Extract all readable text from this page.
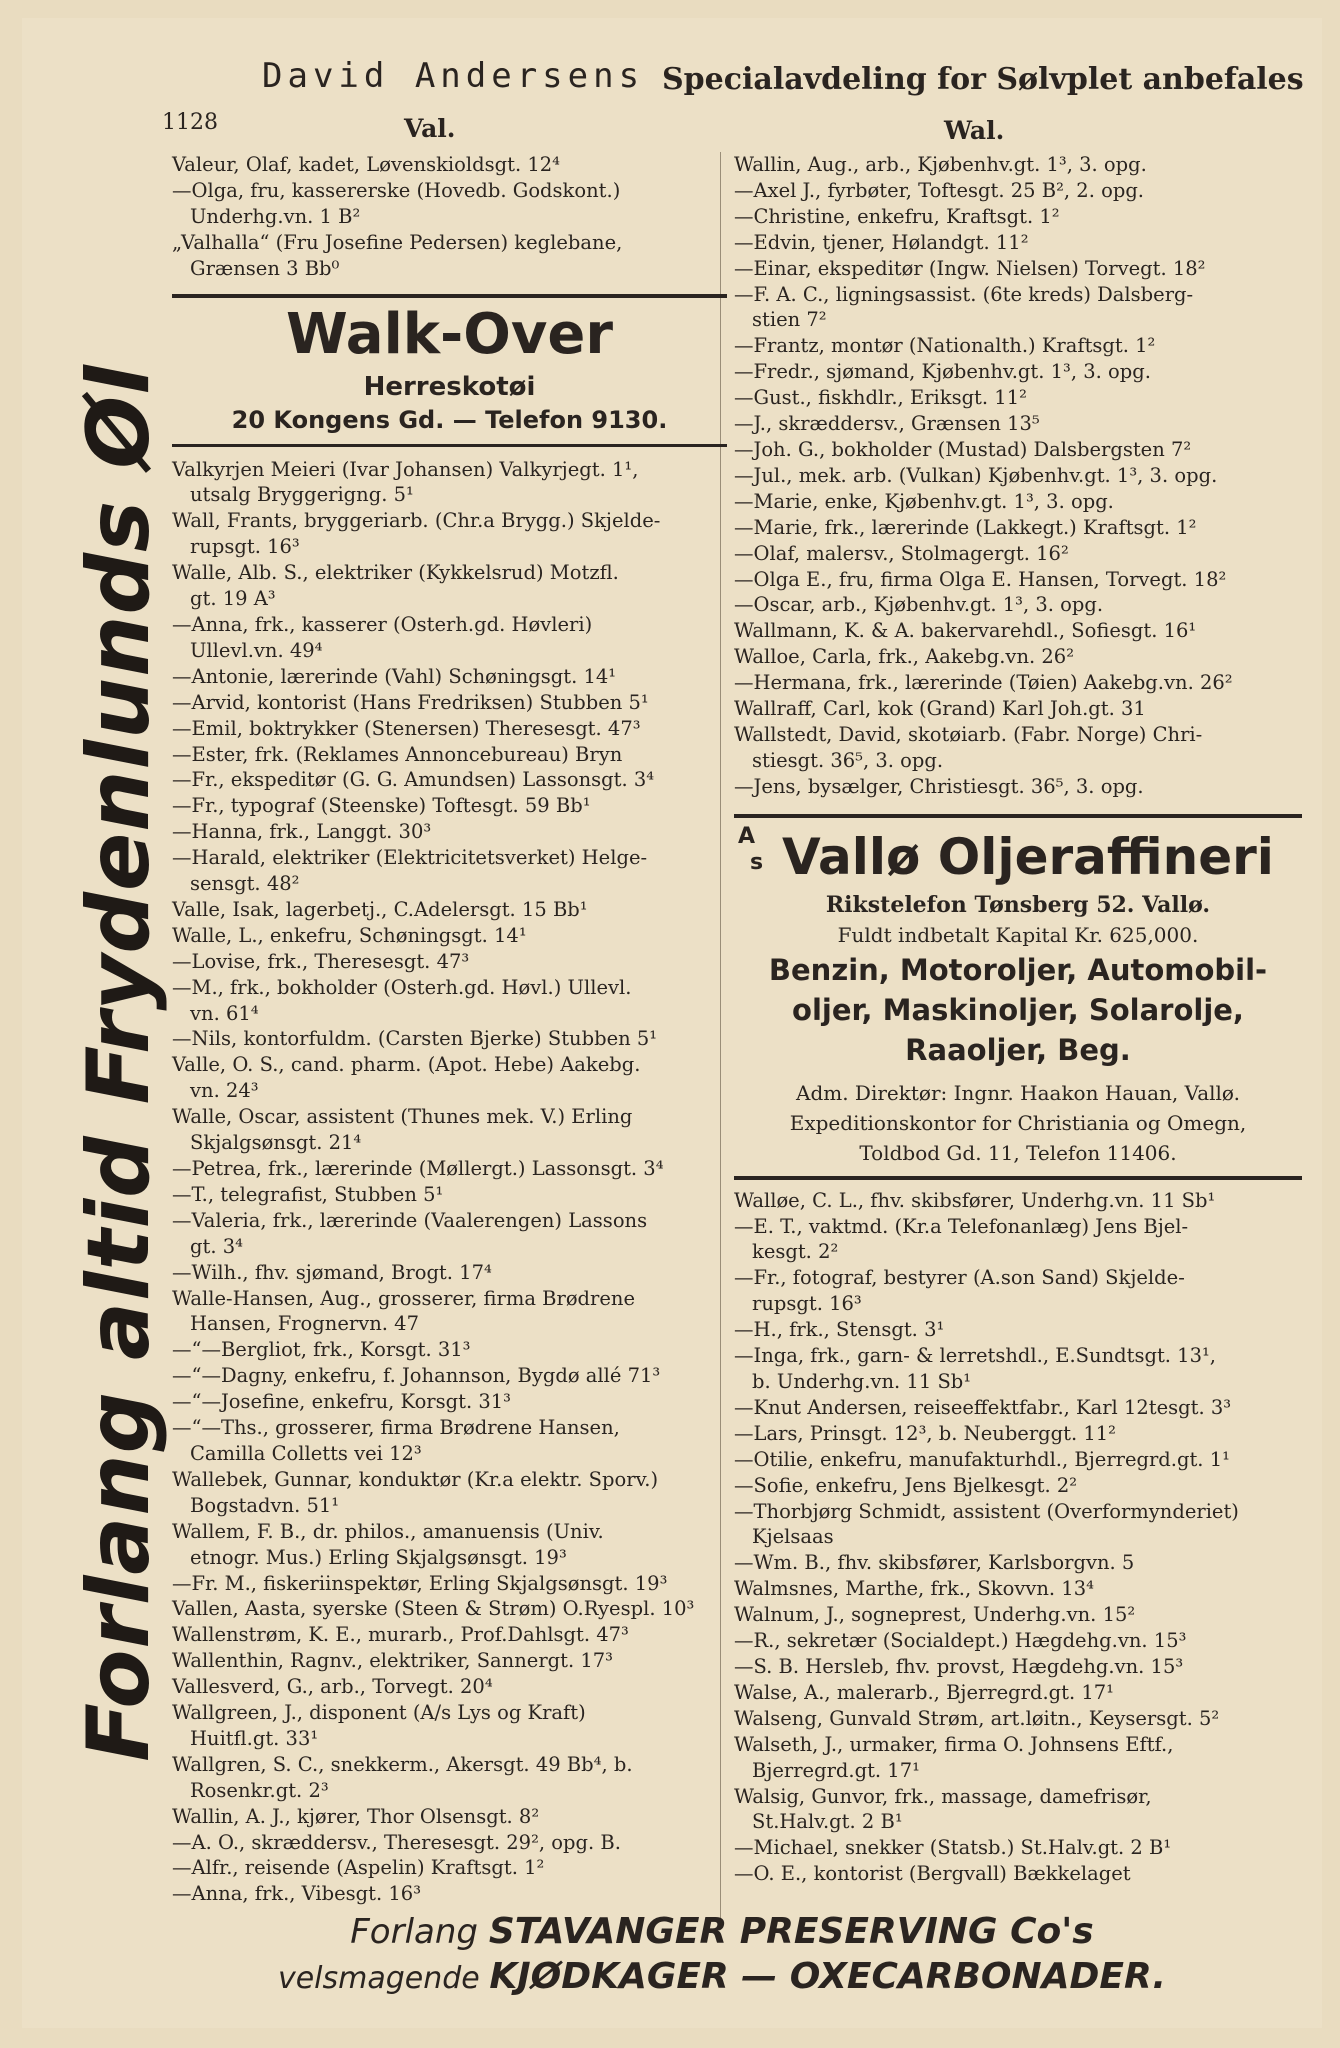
David Andersens Specialavdeling for Sølvplet anbefales
1128	Val.	Wal.
Forlang altid Frydenlunds Øl
Valeur, Olaf, kadet, Løvenskioldsgt. 12⁴
—Olga, fru, kassererske (Hovedb. Godskont.)
Underhg.vn. 1 B²
„Valhalla“ (Fru Josefine Pedersen) keglebane,
Grænsen 3 Bb⁰
Walk-Over
Herreskotøi
20 Kongens Gd. — Telefon 9130.
Valkyrjen Meieri (Ivar Johansen) Valkyrjegt. 1¹,
utsalg Bryggerigng. 5¹
Wall, Frants, bryggeriarb. (Chr.a Brygg.) Skjelde-
rupsgt. 16³
Walle, Alb. S., elektriker (Kykkelsrud) Motzfl.
gt. 19 A³
—Anna, frk., kasserer (Osterh.gd. Høvleri)
Ullevl.vn. 49⁴
—Antonie, lærerinde (Vahl) Schøningsgt. 14¹
—Arvid, kontorist (Hans Fredriksen) Stubben 5¹
—Emil, boktrykker (Stenersen) Theresesgt. 47³
—Ester, frk. (Reklames Annoncebureau) Bryn
—Fr., ekspeditør (G. G. Amundsen) Lassonsgt. 3⁴
—Fr., typograf (Steenske) Toftesgt. 59 Bb¹
—Hanna, frk., Langgt. 30³
—Harald, elektriker (Elektricitetsverket) Helge-
sensgt. 48²
Valle, Isak, lagerbetj., C.Adelersgt. 15 Bb¹
Walle, L., enkefru, Schøningsgt. 14¹
—Lovise, frk., Theresesgt. 47³
—M., frk., bokholder (Osterh.gd. Høvl.) Ullevl.
vn. 61⁴
—Nils, kontorfuldm. (Carsten Bjerke) Stubben 5¹
Valle, O. S., cand. pharm. (Apot. Hebe) Aakebg.
vn. 24³
Walle, Oscar, assistent (Thunes mek. V.) Erling
Skjalgsønsgt. 21⁴
—Petrea, frk., lærerinde (Møllergt.) Lassonsgt. 3⁴
—T., telegrafist, Stubben 5¹
—Valeria, frk., lærerinde (Vaalerengen) Lassons
gt. 3⁴
—Wilh., fhv. sjømand, Brogt. 17⁴
Walle-Hansen, Aug., grosserer, firma Brødrene
Hansen, Frognervn. 47
—“—Bergliot, frk., Korsgt. 31³
—“—Dagny, enkefru, f. Johannson, Bygdø allé 71³
—“—Josefine, enkefru, Korsgt. 31³
—“—Ths., grosserer, firma Brødrene Hansen,
Camilla Colletts vei 12³
Wallebek, Gunnar, konduktør (Kr.a elektr. Sporv.)
Bogstadvn. 51¹
Wallem, F. B., dr. philos., amanuensis (Univ.
etnogr. Mus.) Erling Skjalgsønsgt. 19³
—Fr. M., fiskeriinspektør, Erling Skjalgsønsgt. 19³
Vallen, Aasta, syerske (Steen & Strøm) O.Ryespl. 10³
Wallenstrøm, K. E., murarb., Prof.Dahlsgt. 47³
Wallenthin, Ragnv., elektriker, Sannergt. 17³
Vallesverd, G., arb., Torvegt. 20⁴
Wallgreen, J., disponent (A/s Lys og Kraft)
Huitfl.gt. 33¹
Wallgren, S. C., snekkerm., Akersgt. 49 Bb⁴, b.
Rosenkr.gt. 2³
Wallin, A. J., kjører, Thor Olsensgt. 8²
—A. O., skræddersv., Theresesgt. 29², opg. B.
—Alfr., reisende (Aspelin) Kraftsgt. 1²
—Anna, frk., Vibesgt. 16³
Wallin, Aug., arb., Kjøbenhv.gt. 1³, 3. opg.
—Axel J., fyrbøter, Toftesgt. 25 B², 2. opg.
—Christine, enkefru, Kraftsgt. 1²
—Edvin, tjener, Hølandgt. 11²
—Einar, ekspeditør (Ingw. Nielsen) Torvegt. 18²
—F. A. C., ligningsassist. (6te kreds) Dalsberg-
stien 7²
—Frantz, montør (Nationalth.) Kraftsgt. 1²
—Fredr., sjømand, Kjøbenhv.gt. 1³, 3. opg.
—Gust., fiskhdlr., Eriksgt. 11²
—J., skræddersv., Grænsen 13⁵
—Joh. G., bokholder (Mustad) Dalsbergsten 7²
—Jul., mek. arb. (Vulkan) Kjøbenhv.gt. 1³, 3. opg.
—Marie, enke, Kjøbenhv.gt. 1³, 3. opg.
—Marie, frk., lærerinde (Lakkegt.) Kraftsgt. 1²
—Olaf, malersv., Stolmagergt. 16²
—Olga E., fru, firma Olga E. Hansen, Torvegt. 18²
—Oscar, arb., Kjøbenhv.gt. 1³, 3. opg.
Wallmann, K. & A. bakervarehdl., Sofiesgt. 16¹
Walloe, Carla, frk., Aakebg.vn. 26²
—Hermana, frk., lærerinde (Tøien) Aakebg.vn. 26²
Wallraff, Carl, kok (Grand) Karl Joh.gt. 31
Wallstedt, David, skotøiarb. (Fabr. Norge) Chri-
stiesgt. 36⁵, 3. opg.
—Jens, bysælger, Christiesgt. 36⁵, 3. opg.
A
s Vallø Oljeraffineri
Rikstelefon Tønsberg 52. Vallø.
Fuldt indbetalt Kapital Kr. 625,000.
Benzin, Motoroljer, Automobil-
oljer, Maskinoljer, Solarolje,
Raaoljer, Beg.
Adm. Direktør: Ingnr. Haakon Hauan, Vallø.
Expeditionskontor for Christiania og Omegn,
Toldbod Gd. 11, Telefon 11406.
Walløe, C. L., fhv. skibsfører, Underhg.vn. 11 Sb¹
—E. T., vaktmd. (Kr.a Telefonanlæg) Jens Bjel-
kesgt. 2²
—Fr., fotograf, bestyrer (A.son Sand) Skjelde-
rupsgt. 16³
—H., frk., Stensgt. 3¹
—Inga, frk., garn- & lerretshdl., E.Sundtsgt. 13¹,
b. Underhg.vn. 11 Sb¹
—Knut Andersen, reiseeffektfabr., Karl 12tesgt. 3³
—Lars, Prinsgt. 12³, b. Neuberggt. 11²
—Otilie, enkefru, manufakturhdl., Bjerregrd.gt. 1¹
—Sofie, enkefru, Jens Bjelkesgt. 2²
—Thorbjørg Schmidt, assistent (Overformynderiet)
Kjelsaas
—Wm. B., fhv. skibsfører, Karlsborgvn. 5
Walmsnes, Marthe, frk., Skovvn. 13⁴
Walnum, J., sogneprest, Underhg.vn. 15²
—R., sekretær (Socialdept.) Hægdehg.vn. 15³
—S. B. Hersleb, fhv. provst, Hægdehg.vn. 15³
Walse, A., malerarb., Bjerregrd.gt. 17¹
Walseng, Gunvald Strøm, art.løitn., Keysersgt. 5²
Walseth, J., urmaker, firma O. Johnsens Eftf.,
Bjerregrd.gt. 17¹
Walsig, Gunvor, frk., massage, damefrisør,
St.Halv.gt. 2 B¹
—Michael, snekker (Statsb.) St.Halv.gt. 2 B¹
—O. E., kontorist (Bergvall) Bækkelaget
Forlang STAVANGER PRESERVING Co's
velsmagende KJØDKAGER — OXECARBONADER.
